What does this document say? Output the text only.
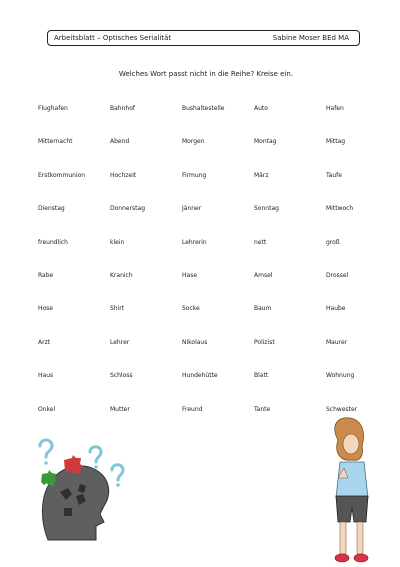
Arbeitsblatt – Optisches Serialität	Sabine Moser BEd MA
Welches Wort passt nicht in die Reihe? Kreise ein.
Flughafen	Bahnhof	Bushaltestelle	Auto	Hafen
Mitternacht	Abend	Morgen	Montag	Mittag
Erstkommunion	Hochzeit	Firmung	März	Taufe
Dienstag	Donnerstag	Jänner	Sonntag	Mittwoch
freundlich	klein	Lehrerin	nett	groß
Rabe	Kranich	Hase	Amsel	Drossel
Hose	Shirt	Socke	Baum	Haube
Arzt	Lehrer	Nikolaus	Polizist	Maurer
Haus	Schloss	Hundehütte	Blatt	Wohnung
Onkel	Mutter	Freund	Tante	Schwester
